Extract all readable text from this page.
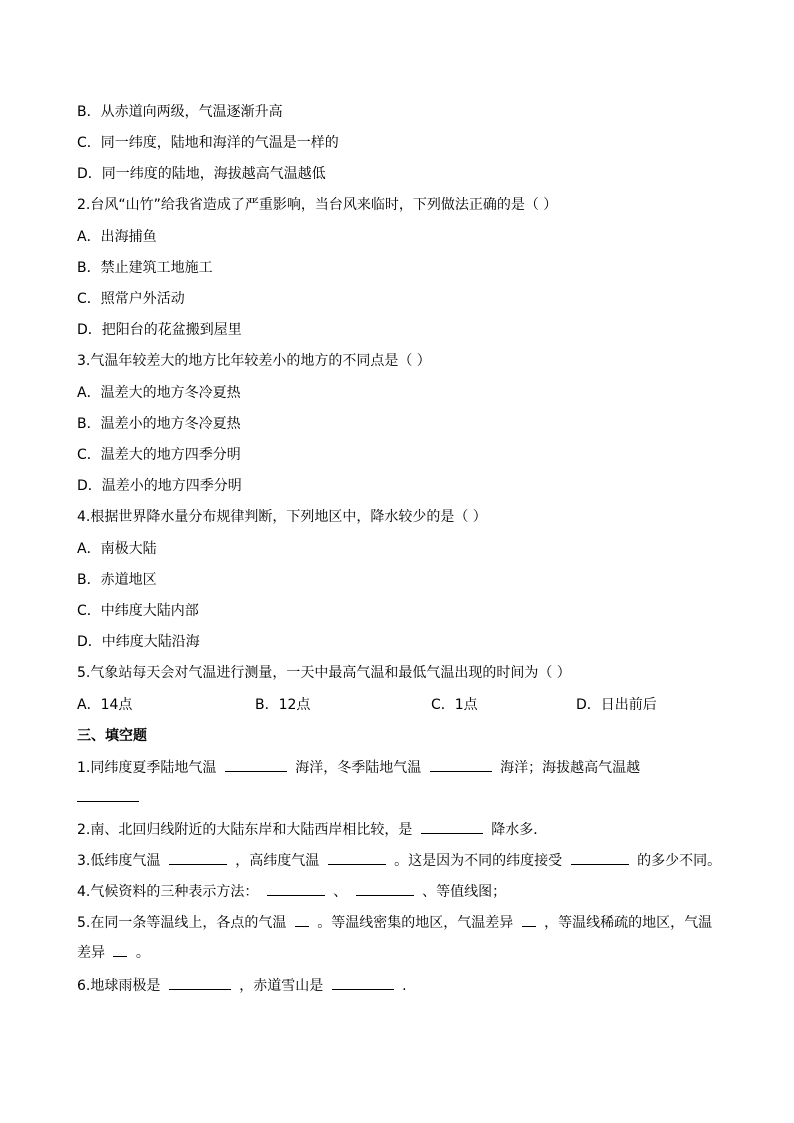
B．从赤道向两级，气温逐渐升高
C．同一纬度，陆地和海洋的气温是一样的
D．同一纬度的陆地，海拔越高气温越低
2.台风“山竹”给我省造成了严重影响，当台风来临时，下列做法正确的是（ ）
A．出海捕鱼
B．禁止建筑工地施工
C．照常户外活动
D．把阳台的花盆搬到屋里
3.气温年较差大的地方比年较差小的地方的不同点是（ ）
A．温差大的地方冬冷夏热
B．温差小的地方冬冷夏热
C．温差大的地方四季分明
D．温差小的地方四季分明
4.根据世界降水量分布规律判断，下列地区中，降水较少的是（ ）
A．南极大陆
B．赤道地区
C．中纬度大陆内部
D．中纬度大陆沿海
5.气象站每天会对气温进行测量，一天中最高气温和最低气温出现的时间为（ ）
A．14点	B．12点	C．1点	D．日出前后
三、填空题
1.同纬度夏季陆地气温	海洋，冬季陆地气温	海洋；海拔越高气温越
2.南、北回归线附近的大陆东岸和大陆西岸相比较，是	降水多．
3.低纬度气温	，高纬度气温	。这是因为不同的纬度接受	的多少不同。
4.气候资料的三种表示方法：	、	、等值线图；
5.在同一条等温线上，各点的气温 。等温线密集的地区，气温差异 ，等温线稀疏的地区，气温
差异 。
6.地球雨极是	，赤道雪山是	.
